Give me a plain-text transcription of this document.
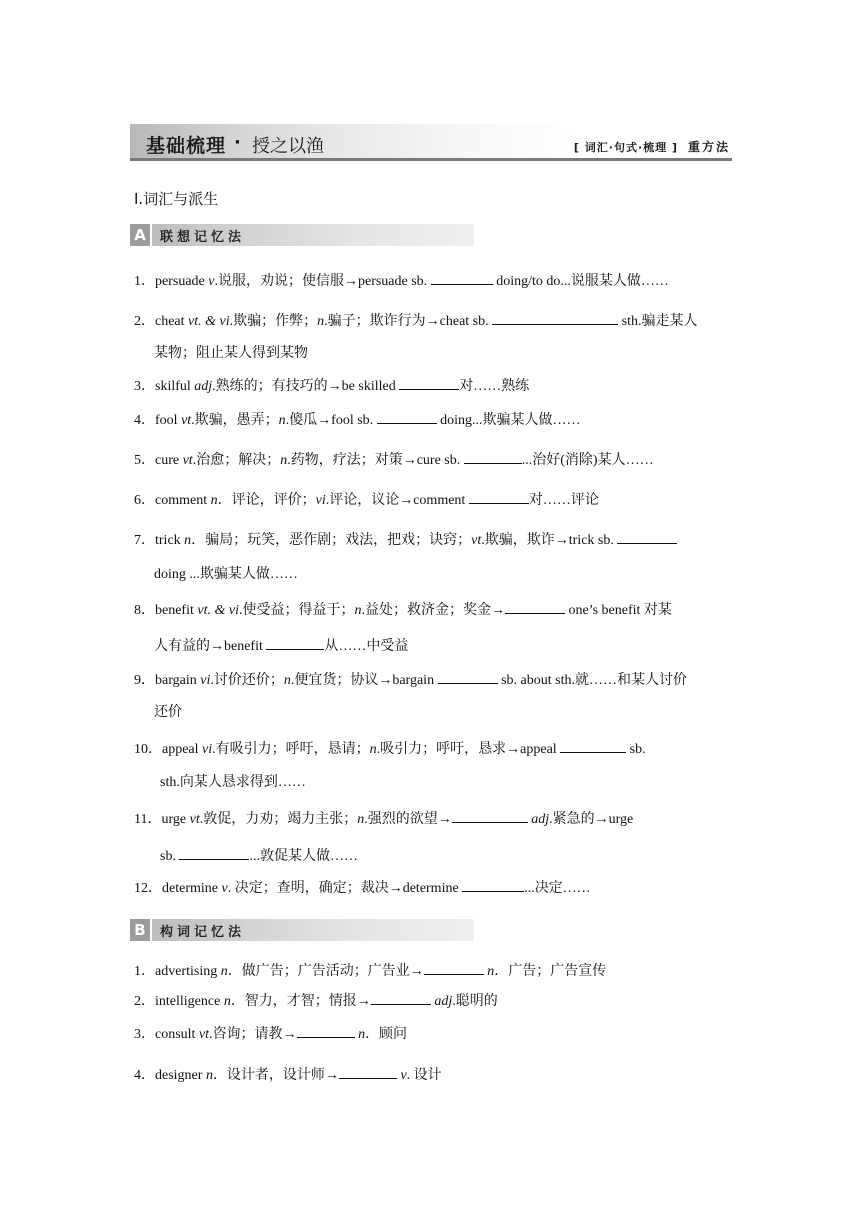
基础梳理 · 授之以渔	[ 词汇·句式·梳理 ] 重方法
Ⅰ.词汇与派生
A	联想记忆法
1．persuade v.说服，劝说；使信服→persuade sb.	doing/to do...说服某人做……
2．cheat vt. & vi.欺骗；作弊；n.骗子；欺诈行为→cheat sb.	sth.骗走某人
某物；阻止某人得到某物
3．skilful adj.熟练的；有技巧的→be skilled	对……熟练
4．fool vt.欺骗，愚弄；n.傻瓜→fool sb.	doing...欺骗某人做……
5．cure vt.治愈；解决；n.药物，疗法；对策→cure sb.	...治好(消除)某人……
6．comment n．评论，评价；vi.评论，议论→comment	对……评论
7．trick n．骗局；玩笑，恶作剧；戏法，把戏；诀窍；vt.欺骗，欺诈→trick sb.
doing ...欺骗某人做……
8．benefit vt. & vi.使受益；得益于；n.益处；救济金；奖金→	one’s benefit 对某
人有益的→benefit	从……中受益
9．bargain vi.讨价还价；n.便宜货；协议→bargain	sb. about sth.就……和某人讨价
还价
10．appeal vi.有吸引力；呼吁，恳请；n.吸引力；呼吁，恳求→appeal	sb.
sth.向某人恳求得到……
11．urge vt.敦促，力劝；竭力主张；n.强烈的欲望→	adj.紧急的→urge
sb.	...敦促某人做……
12．determine v. 决定；查明，确定；裁决→determine	...决定……
B	构词记忆法
1．advertising n．做广告；广告活动；广告业→	n．广告；广告宣传
2．intelligence n．智力，才智；情报→	adj.聪明的
3．consult vt.咨询；请教→	n．顾问
4．designer n．设计者，设计师→	v. 设计
